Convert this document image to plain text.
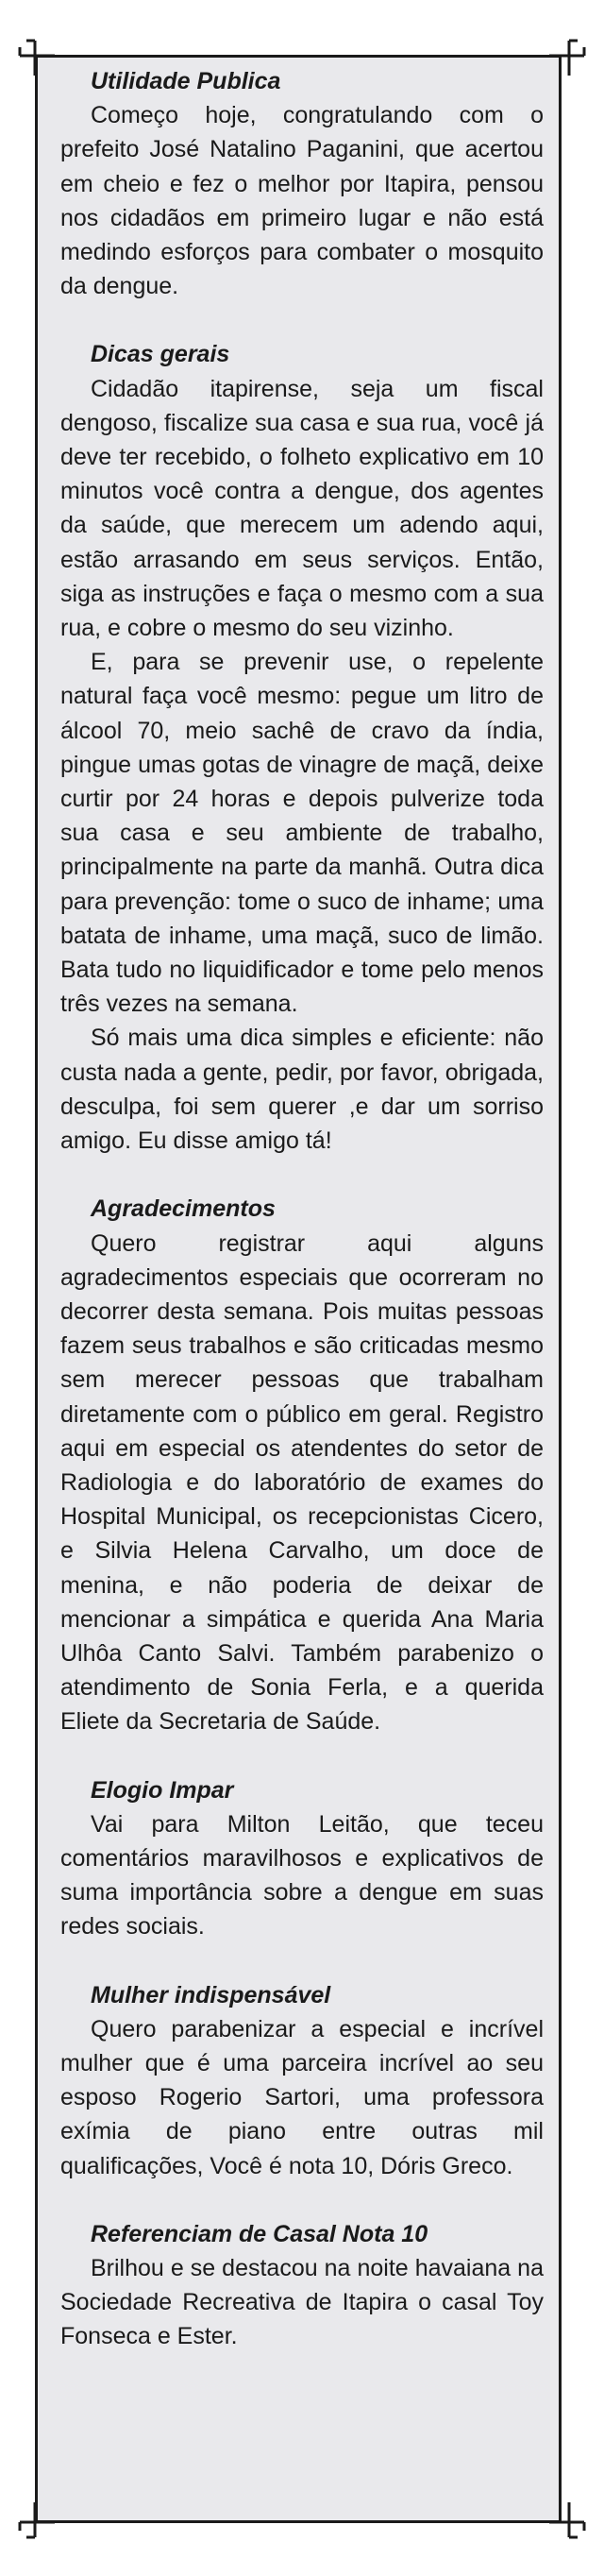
Utilidade Publica

Começo hoje, congratulando com o prefeito José Natalino Paganini, que acertou em cheio e fez o melhor por Itapira, pensou nos cidadãos em primeiro lugar e não está medindo esforços para combater o mosquito da dengue.

Dicas gerais

Cidadão itapirense, seja um fiscal dengoso, fiscalize sua casa e sua rua, você já deve ter recebido, o folheto explicativo em 10 minutos você contra a dengue, dos agentes da saúde, que merecem um adendo aqui, estão arrasando em seus serviços. Então, siga as instruções e faça o mesmo com a sua rua, e cobre o mesmo do seu vizinho.

E, para se prevenir use, o repelente natural faça você mesmo: pegue um litro de álcool 70, meio sachê de cravo da índia, pingue umas gotas de vinagre de maçã, deixe curtir por 24 horas e depois pulverize toda sua casa e seu ambiente de trabalho, principalmente na parte da manhã. Outra dica para prevenção: tome o suco de inhame; uma batata de inhame, uma maçã, suco de limão. Bata tudo no liquidificador e tome pelo menos três vezes na semana.

Só mais uma dica simples e eficiente: não custa nada a gente, pedir, por favor, obrigada, desculpa, foi sem querer ,e dar um sorriso amigo. Eu disse amigo tá!

Agradecimentos

Quero registrar aqui alguns agradecimentos especiais que ocorreram no decorrer desta semana. Pois muitas pessoas fazem seus trabalhos e são criticadas mesmo sem merecer pessoas que trabalham diretamente com o público em geral. Registro aqui em especial os atendentes do setor de Radiologia e do laboratório de exames do Hospital Municipal, os recepcionistas Cicero, e Silvia Helena Carvalho, um doce de menina, e não poderia de deixar de mencionar a simpática e querida Ana Maria Ulhôa Canto Salvi. Também parabenizo o atendimento de Sonia Ferla, e a querida Eliete da Secretaria de Saúde.

Elogio Impar

Vai para Milton Leitão, que teceu comentários maravilhosos e explicativos de suma importância sobre a dengue em suas redes sociais.

Mulher indispensável

Quero parabenizar a especial e incrível mulher que é uma parceira incrível ao seu esposo Rogerio Sartori, uma professora exímia de piano entre outras mil qualificações, Você é nota 10, Dóris Greco.

Referenciam de Casal Nota 10

Brilhou e se destacou na noite havaiana na Sociedade Recreativa de Itapira o casal Toy Fonseca e Ester.
